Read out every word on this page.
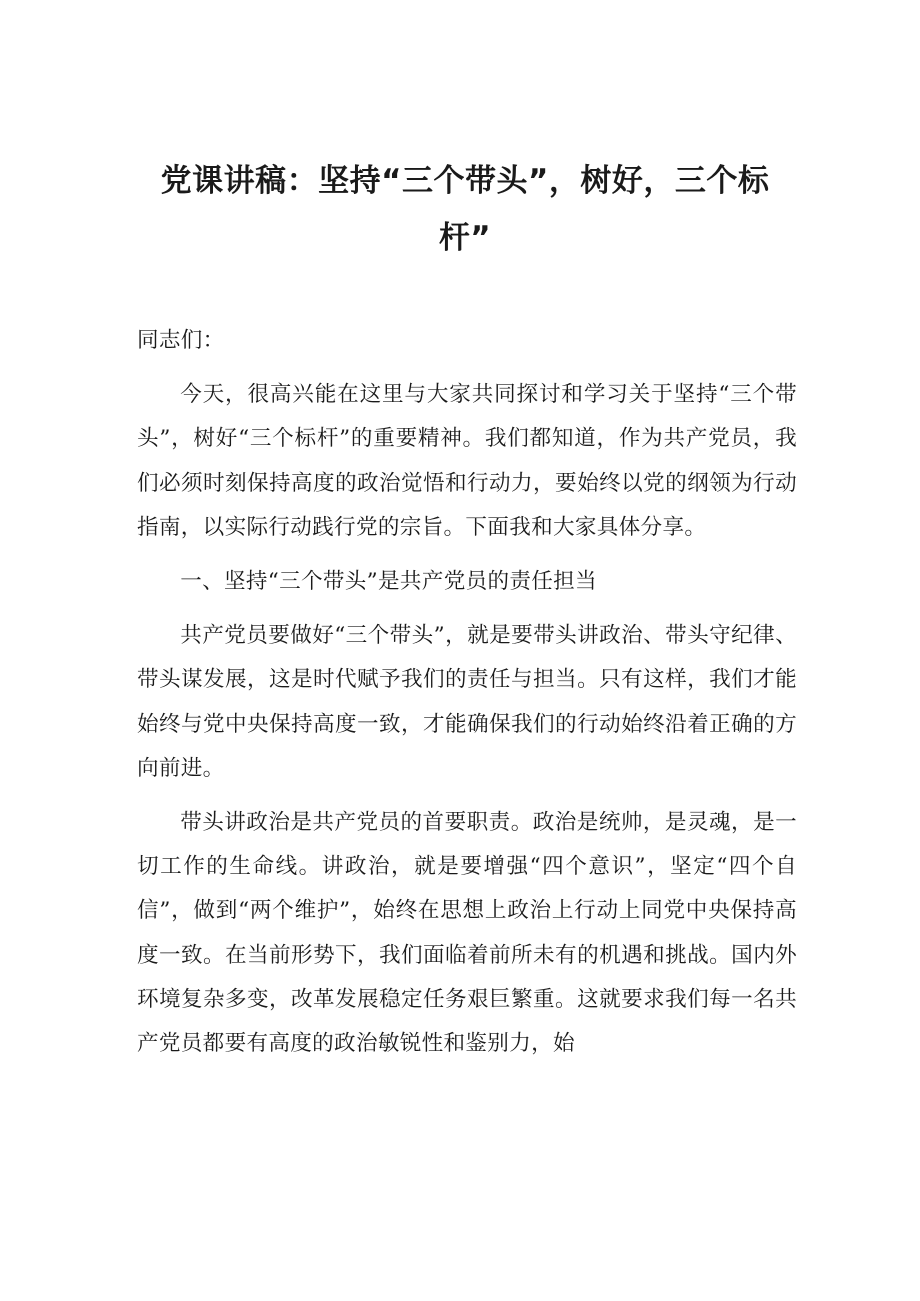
党课讲稿：坚持“三个带头”，树好，三个标
杆”

同志们：

今天，很高兴能在这里与大家共同探讨和学习关于坚持“三个带头”，树好“三个标杆”的重要精神。我们都知道，作为共产党员，我们必须时刻保持高度的政治觉悟和行动力，要始终以党的纲领为行动指南，以实际行动践行党的宗旨。下面我和大家具体分享。

一、坚持“三个带头”是共产党员的责任担当

共产党员要做好“三个带头”，就是要带头讲政治、带头守纪律、带头谋发展，这是时代赋予我们的责任与担当。只有这样，我们才能始终与党中央保持高度一致，才能确保我们的行动始终沿着正确的方向前进。

带头讲政治是共产党员的首要职责。政治是统帅，是灵魂，是一切工作的生命线。讲政治，就是要增强“四个意识”，坚定“四个自信”，做到“两个维护”，始终在思想上政治上行动上同党中央保持高度一致。在当前形势下，我们面临着前所未有的机遇和挑战。国内外环境复杂多变，改革发展稳定任务艰巨繁重。这就要求我们每一名共产党员都要有高度的政治敏锐性和鉴别力，始
